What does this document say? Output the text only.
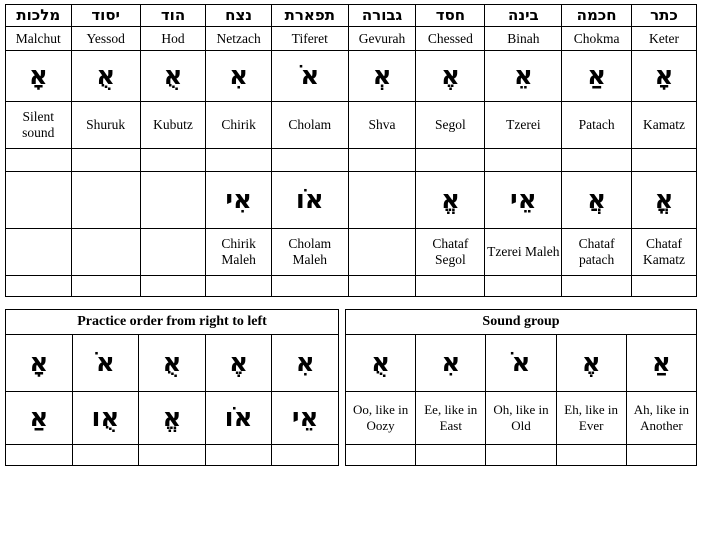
מלכות	יסוד	הוד	נצח	תפארת	גבורה	חסד	בינה	חכמה	כתר
Malchut	Yessod	Hod	Netzach	Tiferet	Gevurah	Chessed	Binah	Chokma	Keter
אָ	אֻ	אֻ	אִ	אֹ	אְ	אֶ	אֵ	אַ	אָ
Silent sound	Shuruk	Kubutz	Chirik	Cholam	Shva	Segol	Tzerei	Patach	Kamatz

			אִי	אֹו		אֱ	אֵי	אֲ	אֳ
			Chirik Maleh	Cholam Maleh		Chataf Segol	Tzerei Maleh	Chataf patach	Chataf Kamatz

Practice order from right to left				
אָ	אֹ	אֻ	אֶ	אִ
אַ	אֻו	אֱ	אֹו	אֵי

Sound group				
אֻ	אִ	אֹ	אֶ	אַ
Oo, like in Oozy	Ee, like in East	Oh, like in Old	Eh, like in Ever	Ah, like in Another
